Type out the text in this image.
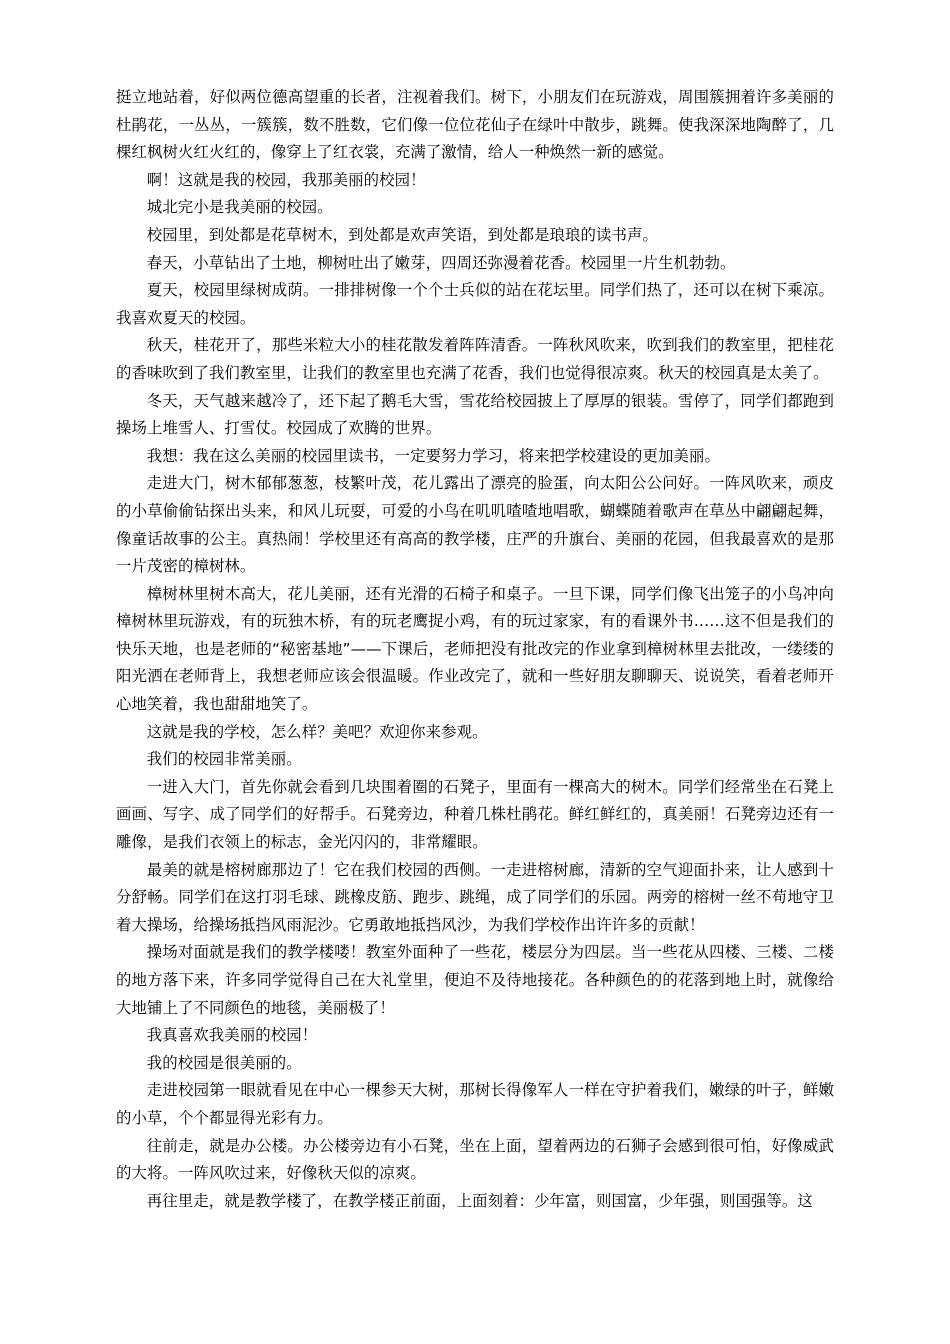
挺立地站着，好似两位德高望重的长者，注视着我们。树下，小朋友们在玩游戏，周围簇拥着许多美丽的杜鹃花，一丛丛，一簇簇，数不胜数，它们像一位位花仙子在绿叶中散步，跳舞。使我深深地陶醉了，几棵红枫树火红火红的，像穿上了红衣裳，充满了激情，给人一种焕然一新的感觉。

啊！这就是我的校园，我那美丽的校园！

城北完小是我美丽的校园。

校园里，到处都是花草树木，到处都是欢声笑语，到处都是琅琅的读书声。

春天，小草钻出了土地，柳树吐出了嫩芽，四周还弥漫着花香。校园里一片生机勃勃。

夏天，校园里绿树成荫。一排排树像一个个士兵似的站在花坛里。同学们热了，还可以在树下乘凉。我喜欢夏天的校园。

秋天，桂花开了，那些米粒大小的桂花散发着阵阵清香。一阵秋风吹来，吹到我们的教室里，把桂花的香味吹到了我们教室里，让我们的教室里也充满了花香，我们也觉得很凉爽。秋天的校园真是太美了。

冬天，天气越来越冷了，还下起了鹅毛大雪，雪花给校园披上了厚厚的银装。雪停了，同学们都跑到操场上堆雪人、打雪仗。校园成了欢腾的世界。

我想：我在这么美丽的校园里读书，一定要努力学习，将来把学校建设的更加美丽。

走进大门，树木郁郁葱葱，枝繁叶茂，花儿露出了漂亮的脸蛋，向太阳公公问好。一阵风吹来，顽皮的小草偷偷钻探出头来，和风儿玩耍，可爱的小鸟在叽叽喳喳地唱歌，蝴蝶随着歌声在草丛中翩翩起舞，像童话故事的公主。真热闹！学校里还有高高的教学楼，庄严的升旗台、美丽的花园，但我最喜欢的是那一片茂密的樟树林。

樟树林里树木高大，花儿美丽，还有光滑的石椅子和桌子。一旦下课，同学们像飞出笼子的小鸟冲向樟树林里玩游戏，有的玩独木桥，有的玩老鹰捉小鸡，有的玩过家家，有的看课外书……这不但是我们的快乐天地，也是老师的“秘密基地”——下课后，老师把没有批改完的作业拿到樟树林里去批改，一缕缕的阳光洒在老师背上，我想老师应该会很温暖。作业改完了，就和一些好朋友聊聊天、说说笑，看着老师开心地笑着，我也甜甜地笑了。

这就是我的学校，怎么样？美吧？欢迎你来参观。

我们的校园非常美丽。

一进入大门，首先你就会看到几块围着圈的石凳子，里面有一棵高大的树木。同学们经常坐在石凳上画画、写字、成了同学们的好帮手。石凳旁边，种着几株杜鹃花。鲜红鲜红的，真美丽！石凳旁边还有一雕像，是我们衣领上的标志，金光闪闪的，非常耀眼。

最美的就是榕树廊那边了！它在我们校园的西侧。一走进榕树廊，清新的空气迎面扑来，让人感到十分舒畅。同学们在这打羽毛球、跳橡皮筋、跑步、跳绳，成了同学们的乐园。两旁的榕树一丝不苟地守卫着大操场，给操场抵挡风雨泥沙。它勇敢地抵挡风沙，为我们学校作出许许多的贡献！

操场对面就是我们的教学楼喽！教室外面种了一些花，楼层分为四层。当一些花从四楼、三楼、二楼的地方落下来，许多同学觉得自己在大礼堂里，便迫不及待地接花。各种颜色的的花落到地上时，就像给大地铺上了不同颜色的地毯，美丽极了！

我真喜欢我美丽的校园！

我的校园是很美丽的。

走进校园第一眼就看见在中心一棵参天大树，那树长得像军人一样在守护着我们，嫩绿的叶子，鲜嫩的小草，个个都显得光彩有力。

往前走，就是办公楼。办公楼旁边有小石凳，坐在上面，望着两边的石狮子会感到很可怕，好像威武的大将。一阵风吹过来，好像秋天似的凉爽。

再往里走，就是教学楼了，在教学楼正前面，上面刻着：少年富，则国富，少年强，则国强等。这
